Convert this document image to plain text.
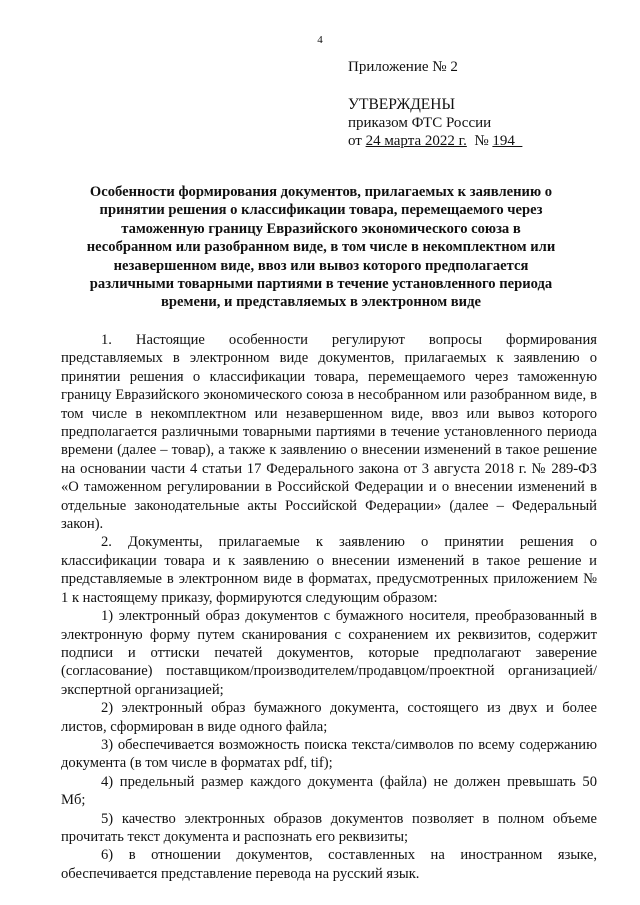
4
Приложение № 2
УТВЕРЖДЕНЫ
приказом ФТС России
от 24 марта 2022 г.  № 194
Особенности формирования документов, прилагаемых к заявлению о принятии решения о классификации товара, перемещаемого через таможенную границу Евразийского экономического союза в несобранном или разобранном виде, в том числе в некомплектном или незавершенном виде, ввоз или вывоз которого предполагается различными товарными партиями в течение установленного периода времени, и представляемых в электронном виде

1. Настоящие особенности регулируют вопросы формирования представляемых в электронном виде документов, прилагаемых к заявлению о принятии решения о классификации товара, перемещаемого через таможенную границу Евразийского экономического союза в несобранном или разобранном виде, в том числе в некомплектном или незавершенном виде, ввоз или вывоз которого предполагается различными товарными партиями в течение установленного периода времени (далее – товар), а также к заявлению о внесении изменений в такое решение на основании части 4 статьи 17 Федерального закона от 3 августа 2018 г. № 289-ФЗ «О таможенном регулировании в Российской Федерации и о внесении изменений в отдельные законодательные акты Российской Федерации» (далее – Федеральный закон).

2. Документы, прилагаемые к заявлению о принятии решения о классификации товара и к заявлению о внесении изменений в такое решение и представляемые в электронном виде в форматах, предусмотренных приложением № 1 к настоящему приказу, формируются следующим образом:

1) электронный образ документов с бумажного носителя, преобразованный в электронную форму путем сканирования с сохранением их реквизитов, содержит подписи и оттиски печатей документов, которые предполагают заверение (согласование) поставщиком/производителем/продавцом/проектной организацией/экспертной организацией;

2) электронный образ бумажного документа, состоящего из двух и более листов, сформирован в виде одного файла;

3) обеспечивается возможность поиска текста/символов по всему содержанию документа (в том числе в форматах pdf, tif);

4) предельный размер каждого документа (файла) не должен превышать 50 Мб;

5) качество электронных образов документов позволяет в полном объеме прочитать текст документа и распознать его реквизиты;

6) в отношении документов, составленных на иностранном языке, обеспечивается представление перевода на русский язык.
